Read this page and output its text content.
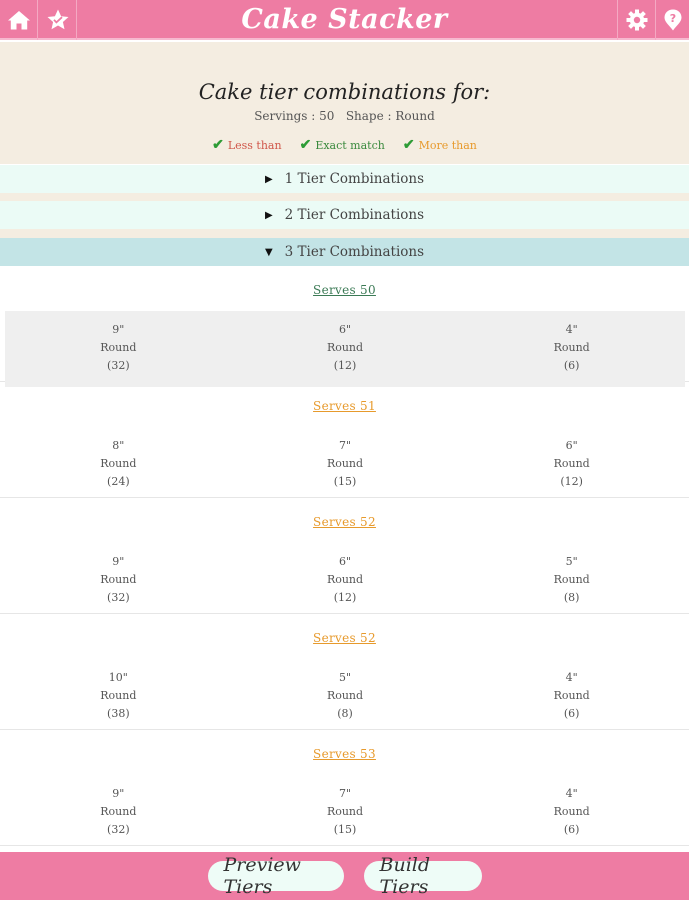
Cake Stacker	?
Cake tier combinations for:
Servings : 50 Shape : Round
✔ Less than ✔ Exact match ✔ More than
▶ 1 Tier Combinations
▶ 2 Tier Combinations
▼ 3 Tier Combinations
Serves 50
9"
Round
(32)
6"
Round
(12)
4"
Round
(6)
Serves 51
8"
Round
(24)
7"
Round
(15)
6"
Round
(12)
Serves 52
9"
Round
(32)
6"
Round
(12)
5"
Round
(8)
Serves 52
10"
Round
(38)
5"
Round
(8)
4"
Round
(6)
Serves 53
9"
Round
(32)
7"
Round
(15)
4"
Round
(6)
Preview Tiers
Build Tiers
